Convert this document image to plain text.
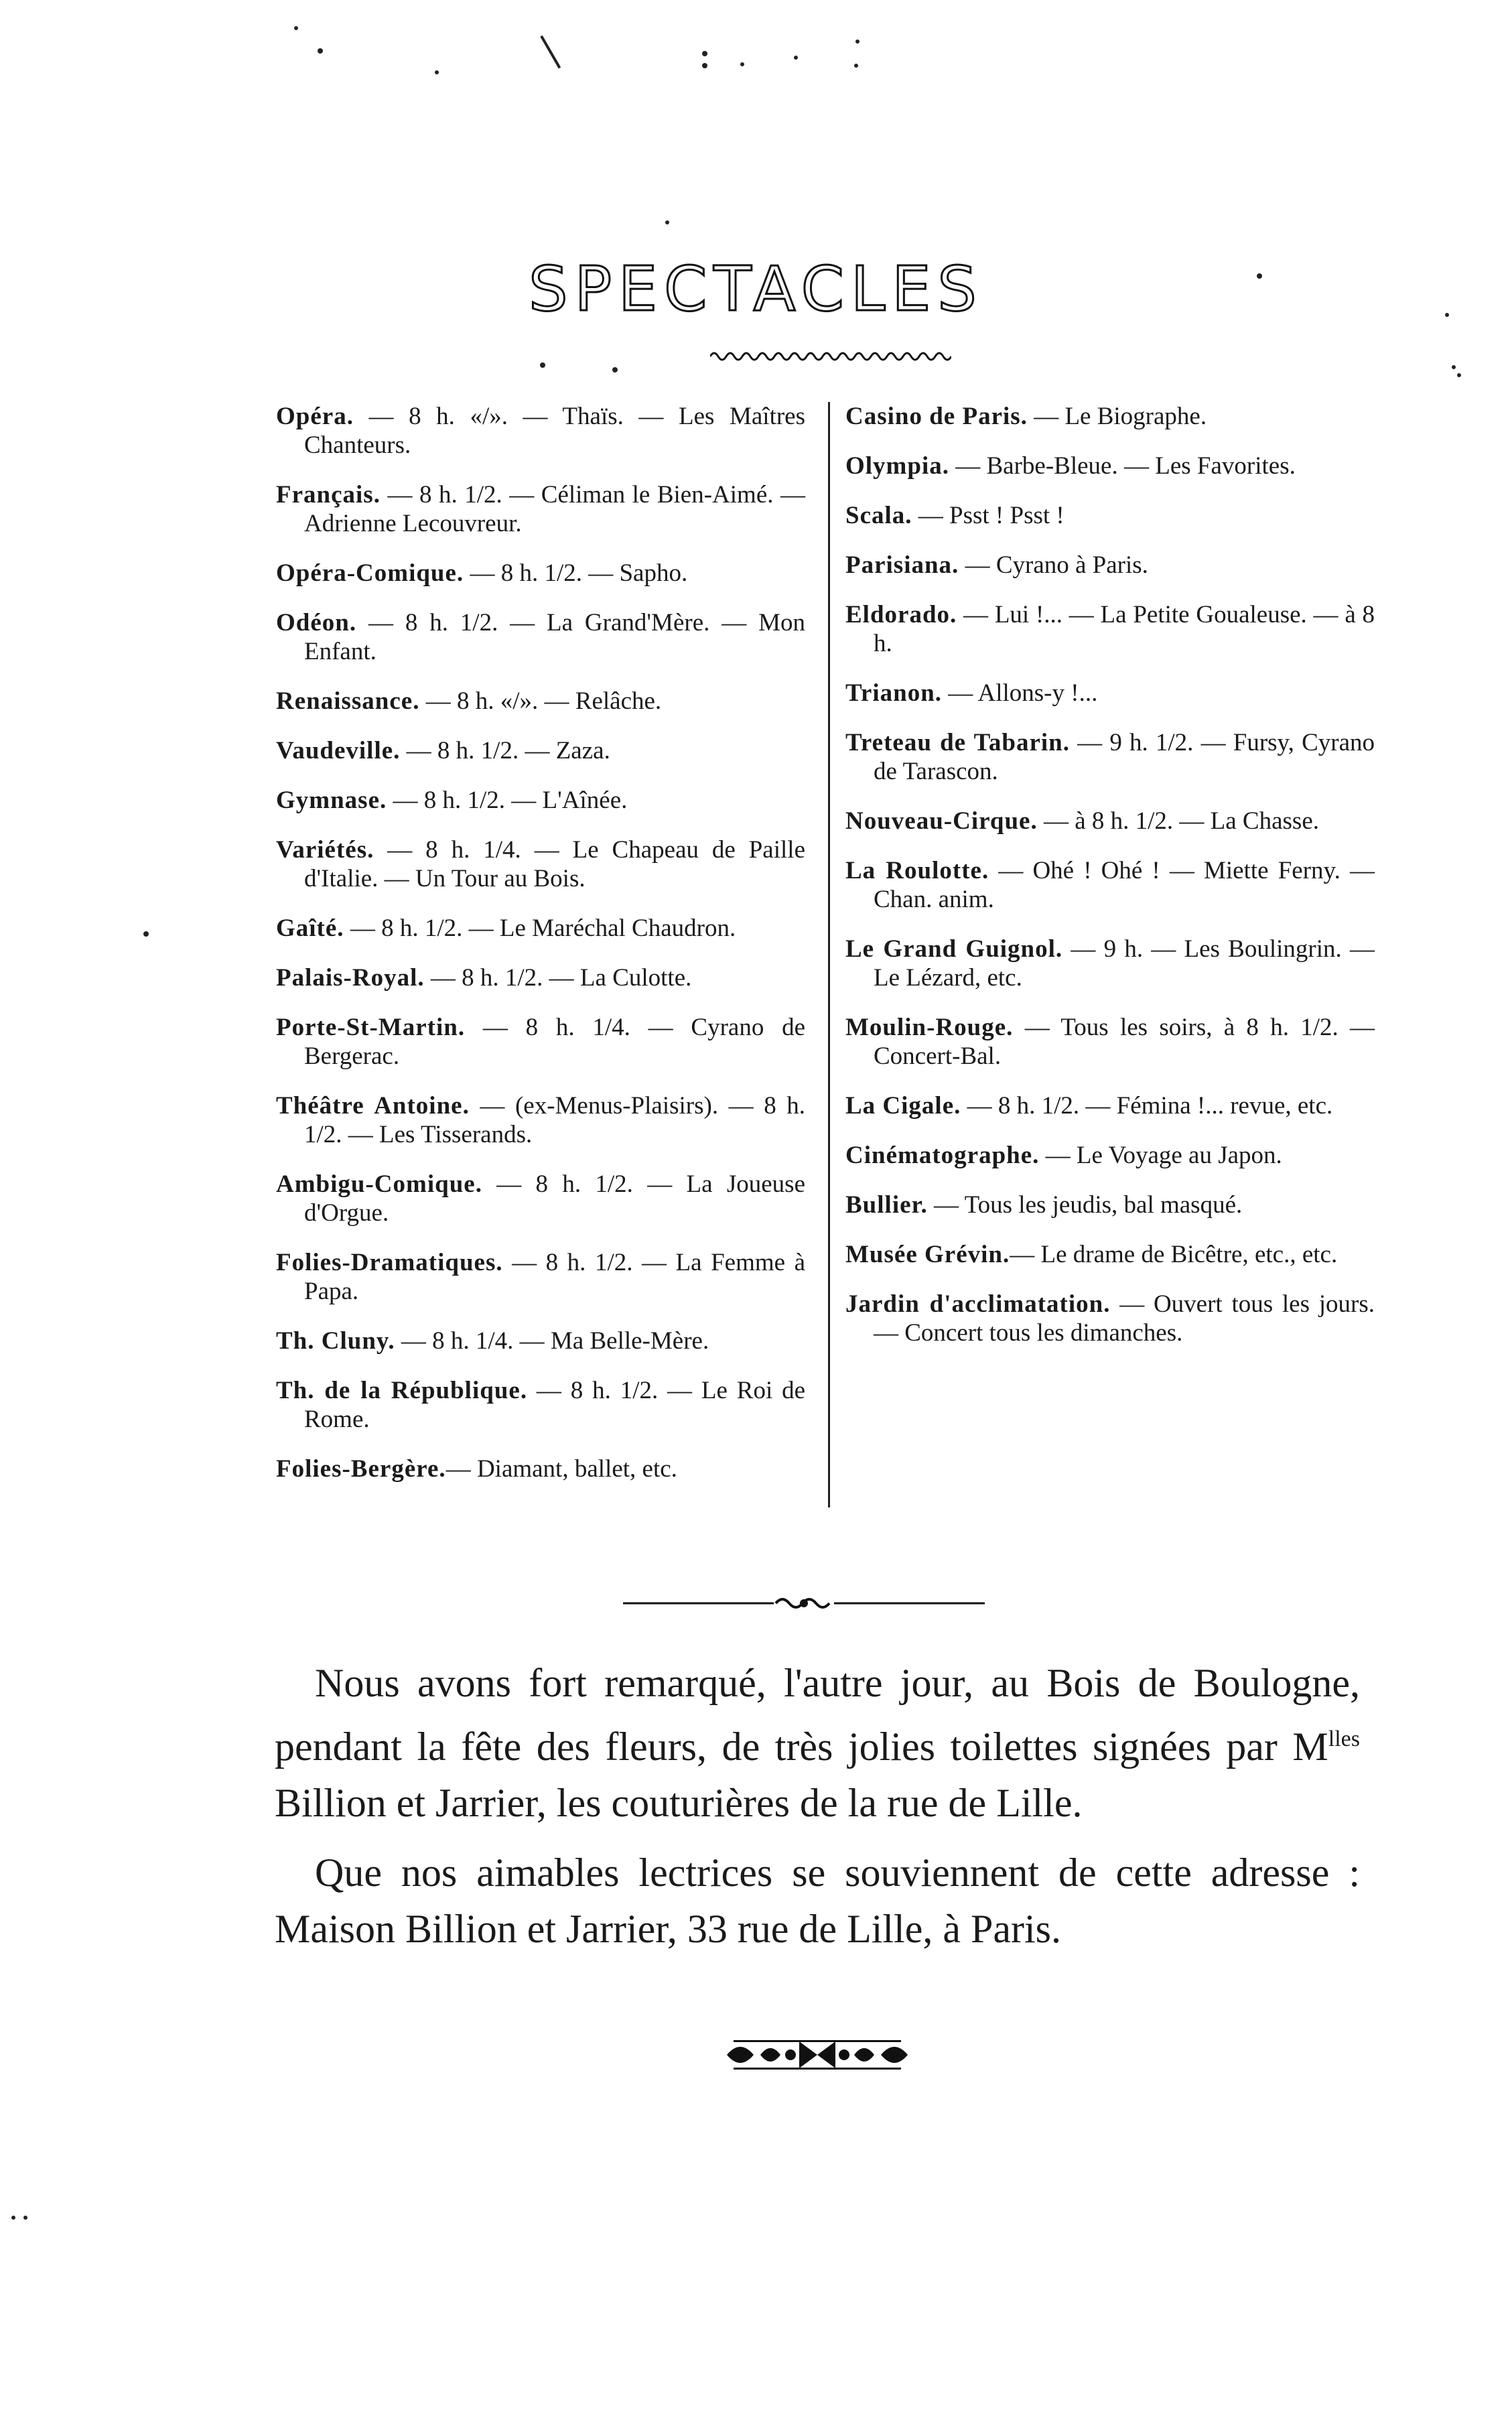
SPECTACLES

Opéra. — 8 h. «/». — Thaïs. — Les Maîtres Chanteurs.

Français. — 8 h. 1/2. — Céliman le Bien-Aimé. — Adrienne Lecouvreur.

Opéra-Comique. — 8 h. 1/2. — Sapho.

Odéon. — 8 h. 1/2. — La Grand'Mère. — Mon Enfant.

Renaissance. — 8 h. «/». — Relâche.

Vaudeville. — 8 h. 1/2. — Zaza.

Gymnase. — 8 h. 1/2. — L'Aînée.

Variétés. — 8 h. 1/4. — Le Chapeau de Paille d'Italie. — Un Tour au Bois.

Gaîté. — 8 h. 1/2. — Le Maréchal Chaudron.

Palais-Royal. — 8 h. 1/2. — La Culotte.

Porte-St-Martin. — 8 h. 1/4. — Cyrano de Bergerac.

Théâtre Antoine. — (ex-Menus-Plaisirs). — 8 h. 1/2. — Les Tisserands.

Ambigu-Comique. — 8 h. 1/2. — La Joueuse d'Orgue.

Folies-Dramatiques. — 8 h. 1/2. — La Femme à Papa.

Th. Cluny. — 8 h. 1/4. — Ma Belle-Mère.

Th. de la République. — 8 h. 1/2. — Le Roi de Rome.

Folies-Bergère.— Diamant, ballet, etc.

Casino de Paris. — Le Biographe.

Olympia. — Barbe-Bleue. — Les Favorites.

Scala. — Psst ! Psst !

Parisiana. — Cyrano à Paris.

Eldorado. — Lui !... — La Petite Goualeuse. — à 8 h.

Trianon. — Allons-y !...

Treteau de Tabarin. — 9 h. 1/2. — Fursy, Cyrano de Tarascon.

Nouveau-Cirque. — à 8 h. 1/2. — La Chasse.

La Roulotte. — Ohé ! Ohé ! — Miette Ferny. — Chan. anim.

Le Grand Guignol. — 9 h. — Les Boulingrin. — Le Lézard, etc.

Moulin-Rouge. — Tous les soirs, à 8 h. 1/2. — Concert-Bal.

La Cigale. — 8 h. 1/2. — Fémina !... revue, etc.

Cinématographe. — Le Voyage au Japon.

Bullier. — Tous les jeudis, bal masqué.

Musée Grévin.— Le drame de Bicêtre, etc., etc.

Jardin d'acclimatation. — Ouvert tous les jours. — Concert tous les dimanches.

Nous avons fort remarqué, l'autre jour, au Bois de Boulogne, pendant la fête des fleurs, de très jolies toilettes signées par $M^{lles}$ Billion et Jarrier, les couturières de la rue de Lille.

Que nos aimables lectrices se souviennent de cette adresse : Maison Billion et Jarrier, 33 rue de Lille, à Paris.
